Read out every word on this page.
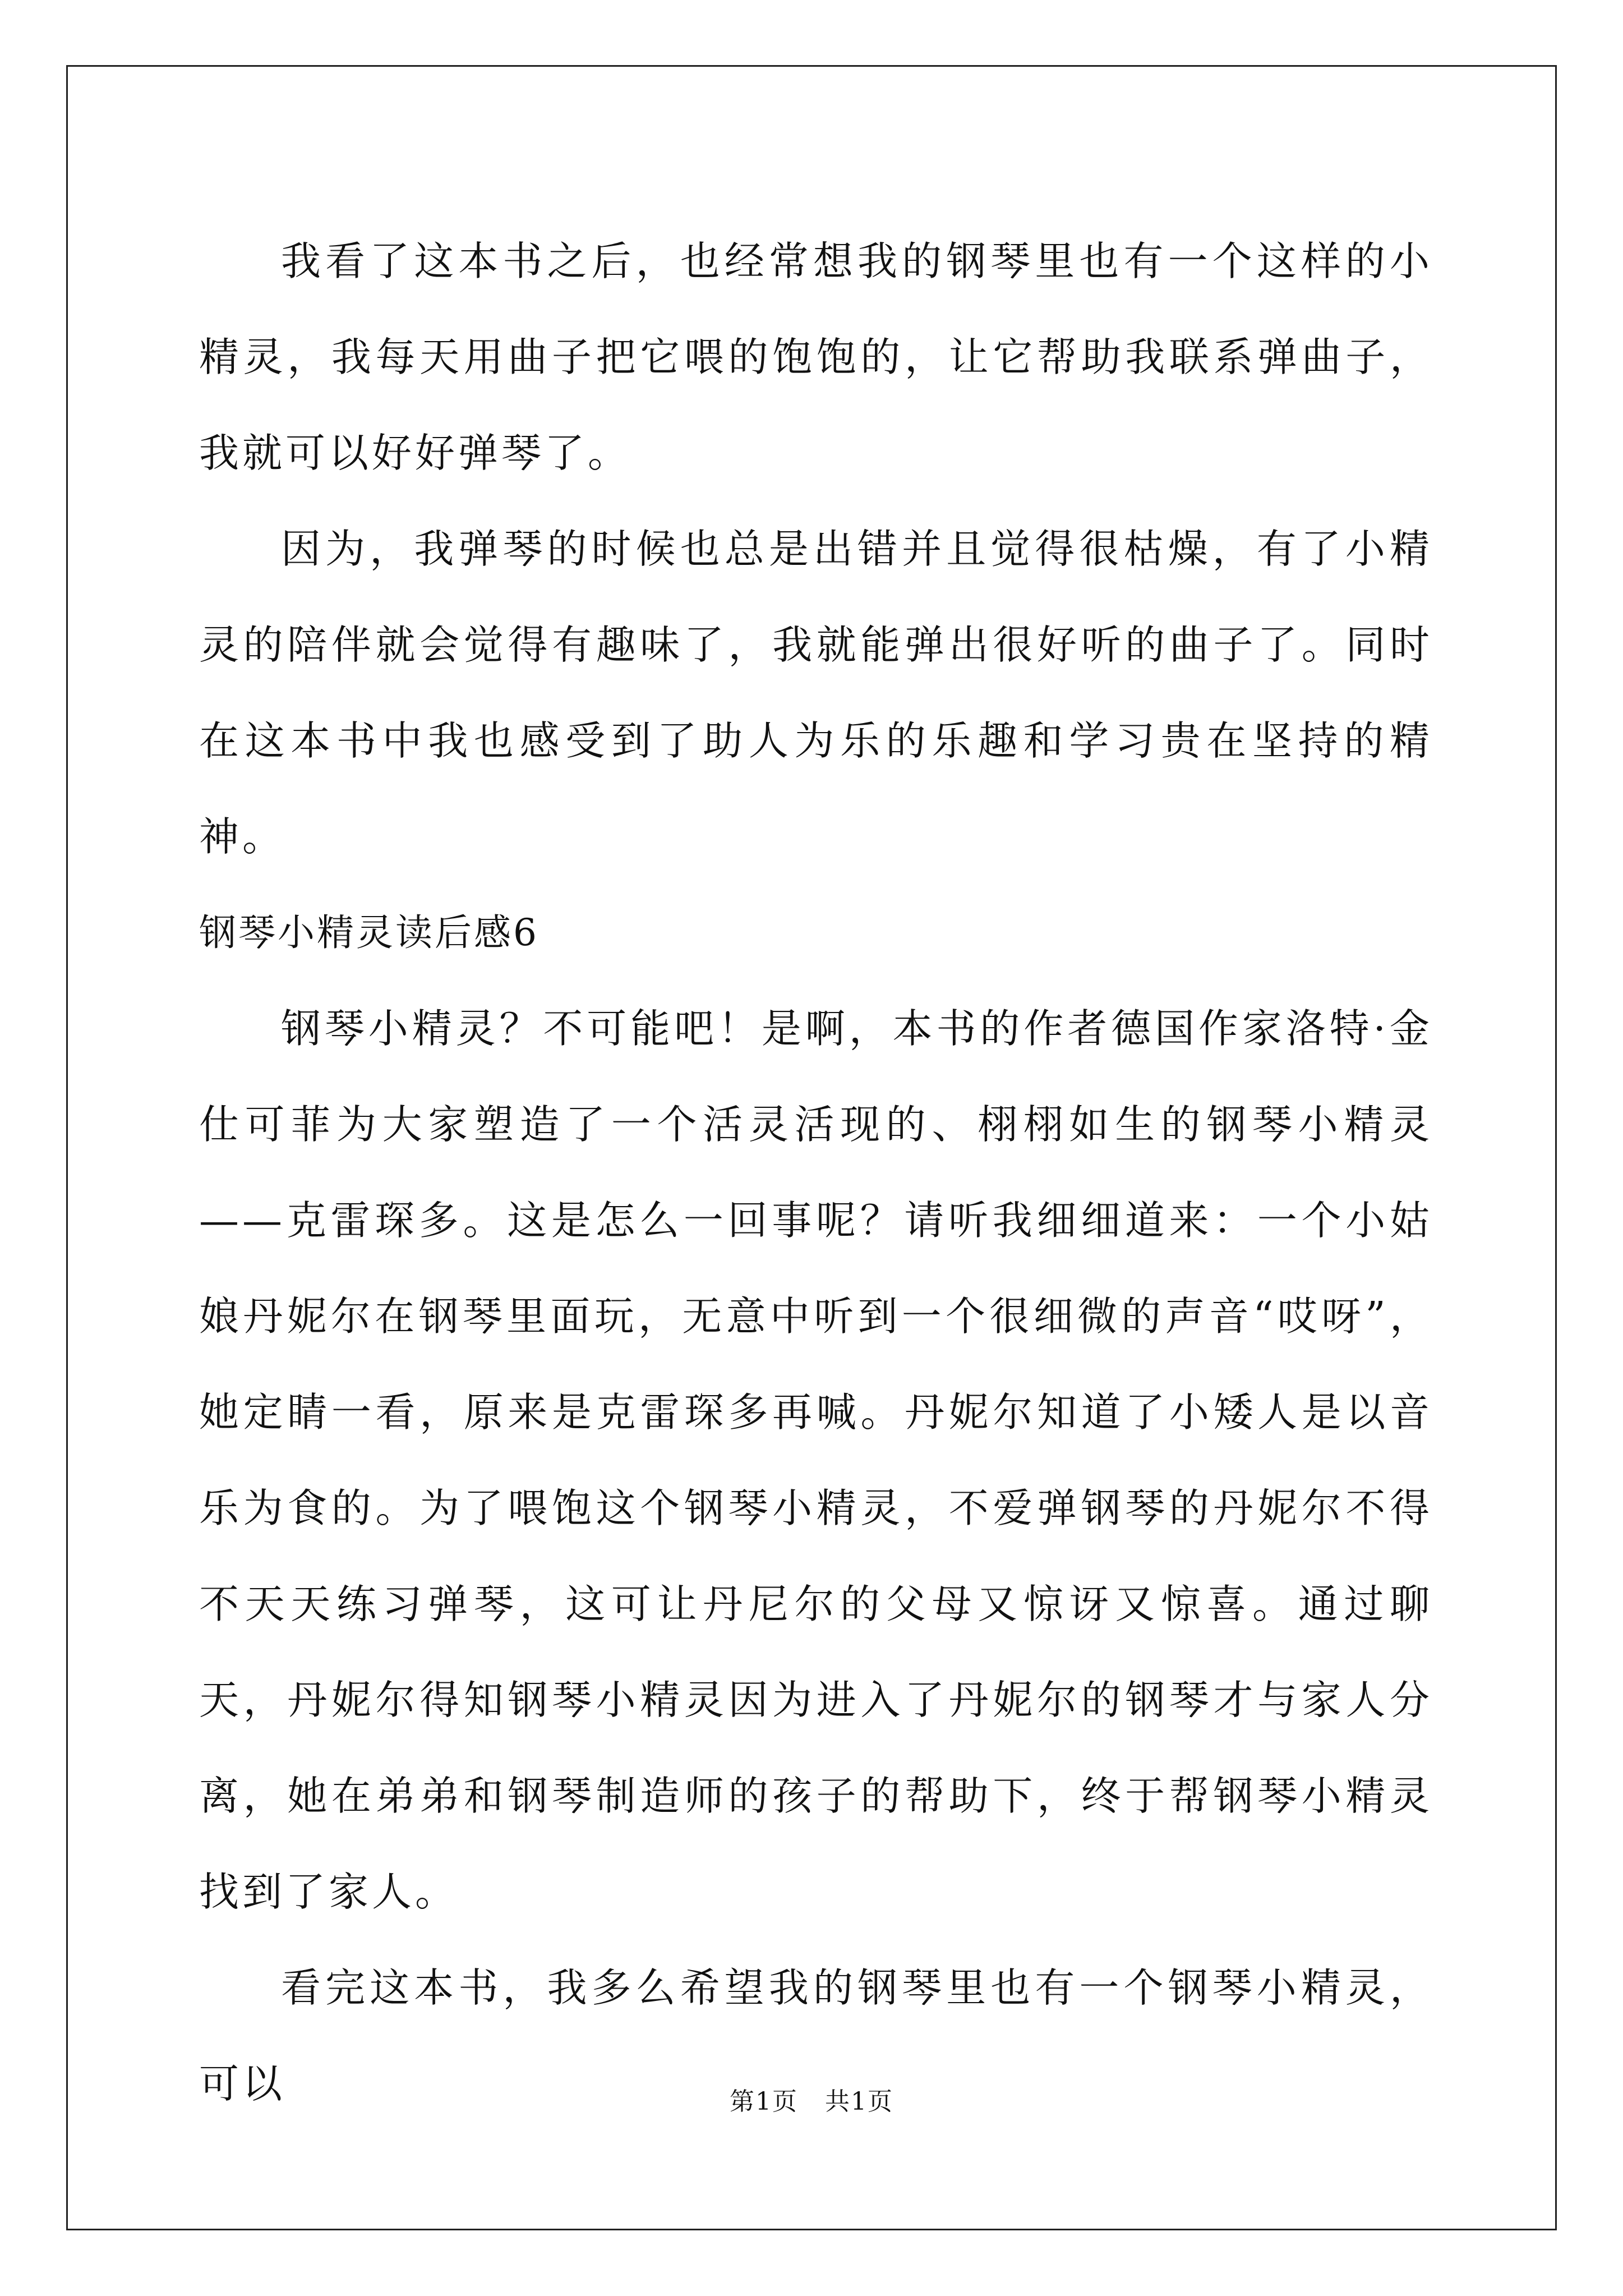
我看了这本书之后，也经常想我的钢琴里也有一个这样的小精灵，我每天用曲子把它喂的饱饱的，让它帮助我联系弹曲子，我就可以好好弹琴了。

因为，我弹琴的时候也总是出错并且觉得很枯燥，有了小精灵的陪伴就会觉得有趣味了，我就能弹出很好听的曲子了。同时在这本书中我也感受到了助人为乐的乐趣和学习贵在坚持的精神。

钢琴小精灵读后感6

钢琴小精灵？不可能吧！是啊，本书的作者德国作家洛特·金仕可菲为大家塑造了一个活灵活现的、栩栩如生的钢琴小精灵——克雷琛多。这是怎么一回事呢？请听我细细道来：一个小姑娘丹妮尔在钢琴里面玩，无意中听到一个很细微的声音“哎呀”，她定睛一看，原来是克雷琛多再喊。丹妮尔知道了小矮人是以音乐为食的。为了喂饱这个钢琴小精灵，不爱弹钢琴的丹妮尔不得不天天练习弹琴，这可让丹尼尔的父母又惊讶又惊喜。通过聊天，丹妮尔得知钢琴小精灵因为进入了丹妮尔的钢琴才与家人分离，她在弟弟和钢琴制造师的孩子的帮助下，终于帮钢琴小精灵找到了家人。

看完这本书，我多么希望我的钢琴里也有一个钢琴小精灵，可以	第1页 共1页
